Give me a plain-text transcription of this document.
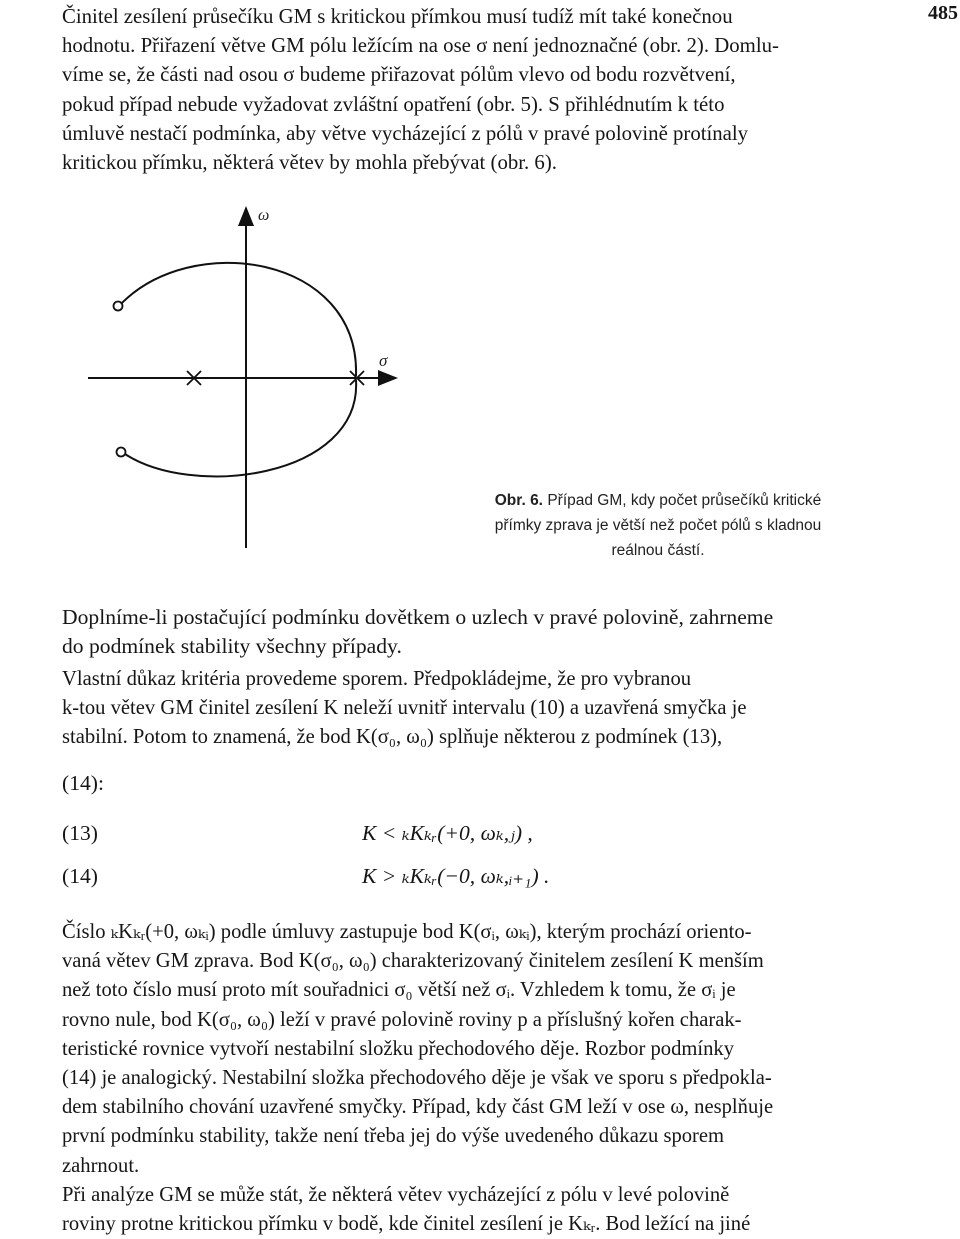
485
Činitel zesílení průsečíku GM s kritickou přímkou musí tudíž mít také konečnou
hodnotu. Přiřazení větve GM pólu ležícím na ose σ není jednoznačné (obr. 2). Domlu-
víme se, že části nad osou σ budeme přiřazovat pólům vlevo od bodu rozvětvení,
pokud případ nebude vyžadovat zvláštní opatření (obr. 5). S přihlédnutím k této
úmluvě nestačí podmínka, aby větve vycházející z pólů v pravé polovině protínaly
kritickou přímku, některá větev by mohla přebývat (obr. 6).
ω
σ
Obr. 6. Případ GM, kdy počet průsečíků kritické
přímky zprava je větší než počet pólů s kladnou
reálnou částí.
Doplníme-li postačující podmínku dovětkem o uzlech v pravé polovině, zahrneme
do podmínek stability všechny případy.
Vlastní důkaz kritéria provedeme sporem. Předpokládejme, že pro vybranou
k-tou větev GM činitel zesílení K neleží uvnitř intervalu (10) a uzavřená smyčka je
stabilní. Potom to znamená, že bod K(σ₀, ω₀) splňuje některou z podmínek (13),
(14):
(13)	K < ₖKₖᵣ(+0, ωₖ,ⱼ) ,
(14)	K > ₖKₖᵣ(−0, ωₖ,ᵢ₊₁) .
Číslo ₖKₖᵣ(+0, ωₖᵢ) podle úmluvy zastupuje bod K(σᵢ, ωₖᵢ), kterým prochází orientо-
vaná větev GM zprava. Bod K(σ₀, ω₀) charakterizovaný činitelem zesílení K menším
než toto číslo musí proto mít souřadnici σ₀ větší než σᵢ. Vzhledem k tomu, že σᵢ je
rovno nule, bod K(σ₀, ω₀) leží v pravé polovině roviny p a příslušný kořen charak-
teristické rovnice vytvoří nestabilní složku přechodového děje. Rozbor podmínky
(14) je analogický. Nestabilní složka přechodového děje je však ve sporu s předpokla-
dem stabilního chování uzavřené smyčky. Případ, kdy část GM leží v ose ω, nesplňuje
první podmínku stability, takže není třeba jej do výše uvedeného důkazu sporem
zahrnout.
Při analýze GM se může stát, že některá větev vycházející z pólu v levé polovině
roviny protne kritickou přímku v bodě, kde činitel zesílení je Kₖᵣ. Bod ležící na jiné
